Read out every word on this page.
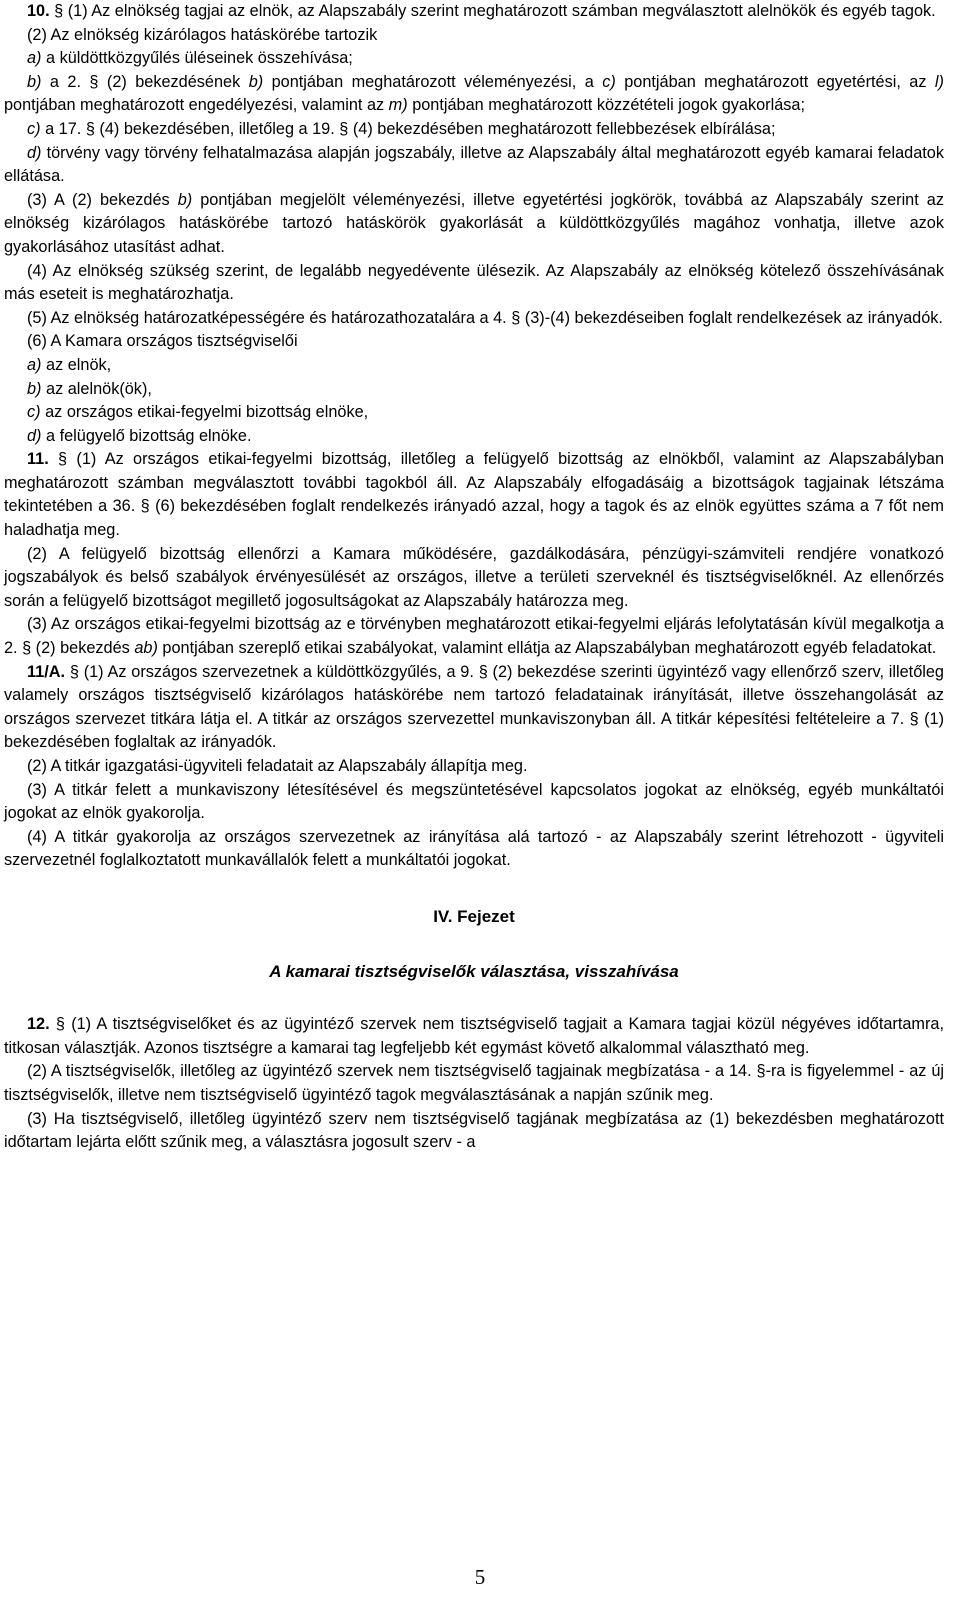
10. § (1) Az elnökség tagjai az elnök, az Alapszabály szerint meghatározott számban megválasztott alelnökök és egyéb tagok.

(2) Az elnökség kizárólagos hatáskörébe tartozik

a) a küldöttközgyűlés üléseinek összehívása;

b) a 2. § (2) bekezdésének b) pontjában meghatározott véleményezési, a c) pontjában meghatározott egyetértési, az l) pontjában meghatározott engedélyezési, valamint az m) pontjában meghatározott közzétételi jogok gyakorlása;

c) a 17. § (4) bekezdésében, illetőleg a 19. § (4) bekezdésében meghatározott fellebbezések elbírálása;

d) törvény vagy törvény felhatalmazása alapján jogszabály, illetve az Alapszabály által meghatározott egyéb kamarai feladatok ellátása.

(3) A (2) bekezdés b) pontjában megjelölt véleményezési, illetve egyetértési jogkörök, továbbá az Alapszabály szerint az elnökség kizárólagos hatáskörébe tartozó hatáskörök gyakorlását a küldöttközgyűlés magához vonhatja, illetve azok gyakorlásához utasítást adhat.

(4) Az elnökség szükség szerint, de legalább negyedévente ülésezik. Az Alapszabály az elnökség kötelező összehívásának más eseteit is meghatározhatja.

(5) Az elnökség határozatképességére és határozathozatalára a 4. § (3)-(4) bekezdéseiben foglalt rendelkezések az irányadók.

(6) A Kamara országos tisztségviselői

a) az elnök,

b) az alelnök(ök),

c) az országos etikai-fegyelmi bizottság elnöke,

d) a felügyelő bizottság elnöke.

11. § (1) Az országos etikai-fegyelmi bizottság, illetőleg a felügyelő bizottság az elnökből, valamint az Alapszabályban meghatározott számban megválasztott további tagokból áll. Az Alapszabály elfogadásáig a bizottságok tagjainak létszáma tekintetében a 36. § (6) bekezdésében foglalt rendelkezés irányadó azzal, hogy a tagok és az elnök együttes száma a 7 főt nem haladhatja meg.

(2) A felügyelő bizottság ellenőrzi a Kamara működésére, gazdálkodására, pénzügyi-számviteli rendjére vonatkozó jogszabályok és belső szabályok érvényesülését az országos, illetve a területi szerveknél és tisztségviselőknél. Az ellenőrzés során a felügyelő bizottságot megillető jogosultságokat az Alapszabály határozza meg.

(3) Az országos etikai-fegyelmi bizottság az e törvényben meghatározott etikai-fegyelmi eljárás lefolytatásán kívül megalkotja a 2. § (2) bekezdés ab) pontjában szereplő etikai szabályokat, valamint ellátja az Alapszabályban meghatározott egyéb feladatokat.

11/A. § (1) Az országos szervezetnek a küldöttközgyűlés, a 9. § (2) bekezdése szerinti ügyintéző vagy ellenőrző szerv, illetőleg valamely országos tisztségviselő kizárólagos hatáskörébe nem tartozó feladatainak irányítását, illetve összehangolását az országos szervezet titkára látja el. A titkár az országos szervezettel munkaviszonyban áll. A titkár képesítési feltételeire a 7. § (1) bekezdésében foglaltak az irányadók.

(2) A titkár igazgatási-ügyviteli feladatait az Alapszabály állapítja meg.

(3) A titkár felett a munkaviszony létesítésével és megszüntetésével kapcsolatos jogokat az elnökség, egyéb munkáltatói jogokat az elnök gyakorolja.

(4) A titkár gyakorolja az országos szervezetnek az irányítása alá tartozó - az Alapszabály szerint létrehozott - ügyviteli szervezetnél foglalkoztatott munkavállalók felett a munkáltatói jogokat.

IV. Fejezet

A kamarai tisztségviselők választása, visszahívása

12. § (1) A tisztségviselőket és az ügyintéző szervek nem tisztségviselő tagjait a Kamara tagjai közül négyéves időtartamra, titkosan választják. Azonos tisztségre a kamarai tag legfeljebb két egymást követő alkalommal választható meg.

(2) A tisztségviselők, illetőleg az ügyintéző szervek nem tisztségviselő tagjainak megbízatása - a 14. §-ra is figyelemmel - az új tisztségviselők, illetve nem tisztségviselő ügyintéző tagok megválasztásának a napján szűnik meg.

(3) Ha tisztségviselő, illetőleg ügyintéző szerv nem tisztségviselő tagjának megbízatása az (1) bekezdésben meghatározott időtartam lejárta előtt szűnik meg, a választásra jogosult szerv - a

5
